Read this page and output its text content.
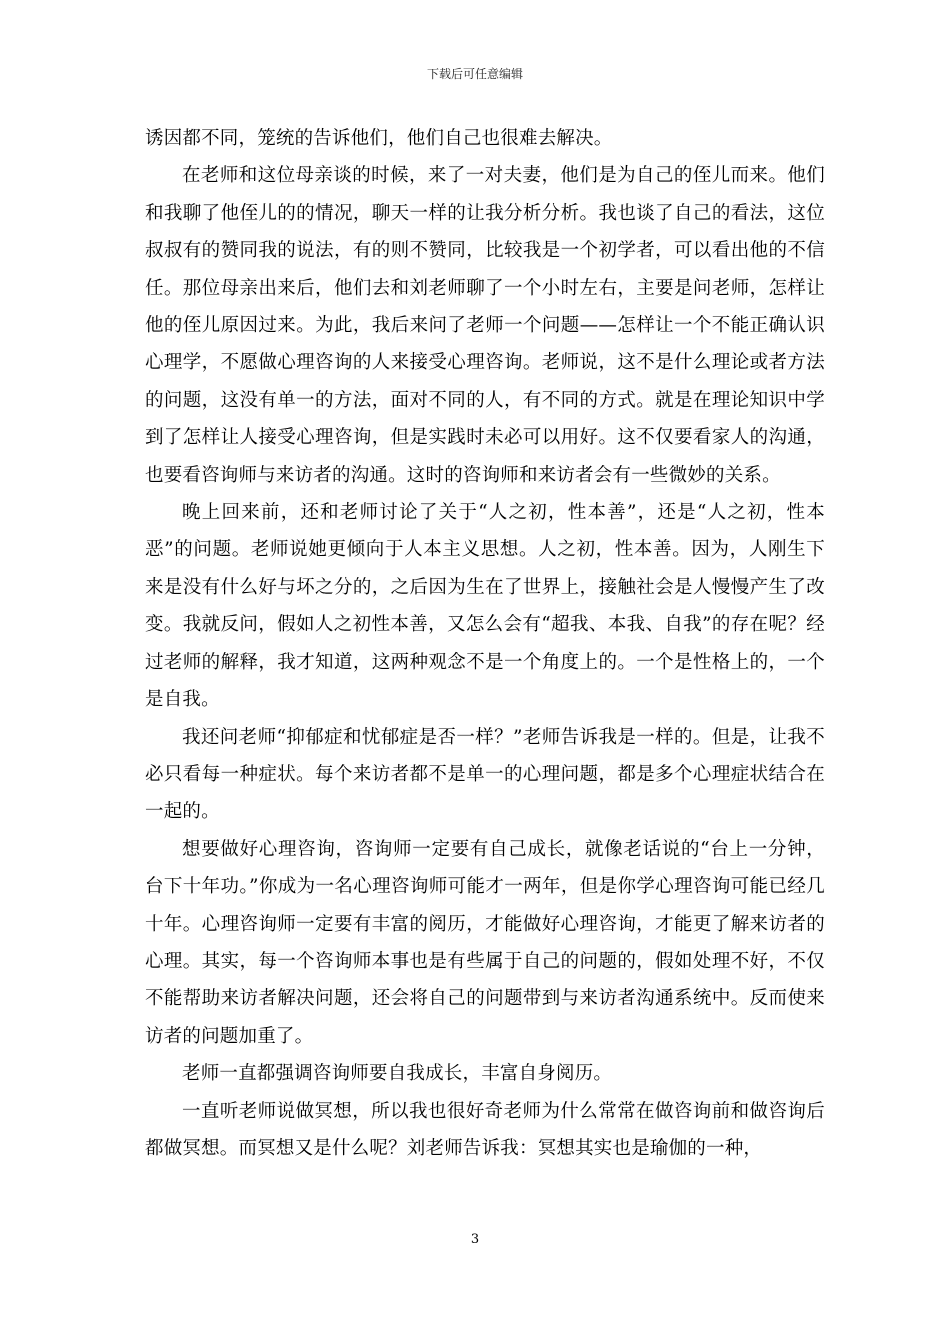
下载后可任意编辑

诱因都不同，笼统的告诉他们，他们自己也很难去解决。

在老师和这位母亲谈的时候，来了一对夫妻，他们是为自己的侄儿而来。他们和我聊了他侄儿的的情况，聊天一样的让我分析分析。我也谈了自己的看法，这位叔叔有的赞同我的说法，有的则不赞同，比较我是一个初学者，可以看出他的不信任。那位母亲出来后，他们去和刘老师聊了一个小时左右，主要是问老师，怎样让他的侄儿原因过来。为此，我后来问了老师一个问题——怎样让一个不能正确认识心理学，不愿做心理咨询的人来接受心理咨询。老师说，这不是什么理论或者方法的问题，这没有单一的方法，面对不同的人，有不同的方式。就是在理论知识中学到了怎样让人接受心理咨询，但是实践时未必可以用好。这不仅要看家人的沟通，也要看咨询师与来访者的沟通。这时的咨询师和来访者会有一些微妙的关系。

晚上回来前，还和老师讨论了关于“人之初，性本善”，还是“人之初，性本恶”的问题。老师说她更倾向于人本主义思想。人之初，性本善。因为，人刚生下来是没有什么好与坏之分的，之后因为生在了世界上，接触社会是人慢慢产生了改变。我就反问，假如人之初性本善，又怎么会有“超我、本我、自我”的存在呢？经过老师的解释，我才知道，这两种观念不是一个角度上的。一个是性格上的，一个是自我。

我还问老师“抑郁症和忧郁症是否一样？”老师告诉我是一样的。但是，让我不必只看每一种症状。每个来访者都不是单一的心理问题，都是多个心理症状结合在一起的。

想要做好心理咨询，咨询师一定要有自己成长，就像老话说的“台上一分钟，台下十年功。”你成为一名心理咨询师可能才一两年，但是你学心理咨询可能已经几十年。心理咨询师一定要有丰富的阅历，才能做好心理咨询，才能更了解来访者的心理。其实，每一个咨询师本事也是有些属于自己的问题的，假如处理不好，不仅不能帮助来访者解决问题，还会将自己的问题带到与来访者沟通系统中。反而使来访者的问题加重了。

老师一直都强调咨询师要自我成长，丰富自身阅历。

一直听老师说做冥想，所以我也很好奇老师为什么常常在做咨询前和做咨询后都做冥想。而冥想又是什么呢？刘老师告诉我：冥想其实也是瑜伽的一种，

3
